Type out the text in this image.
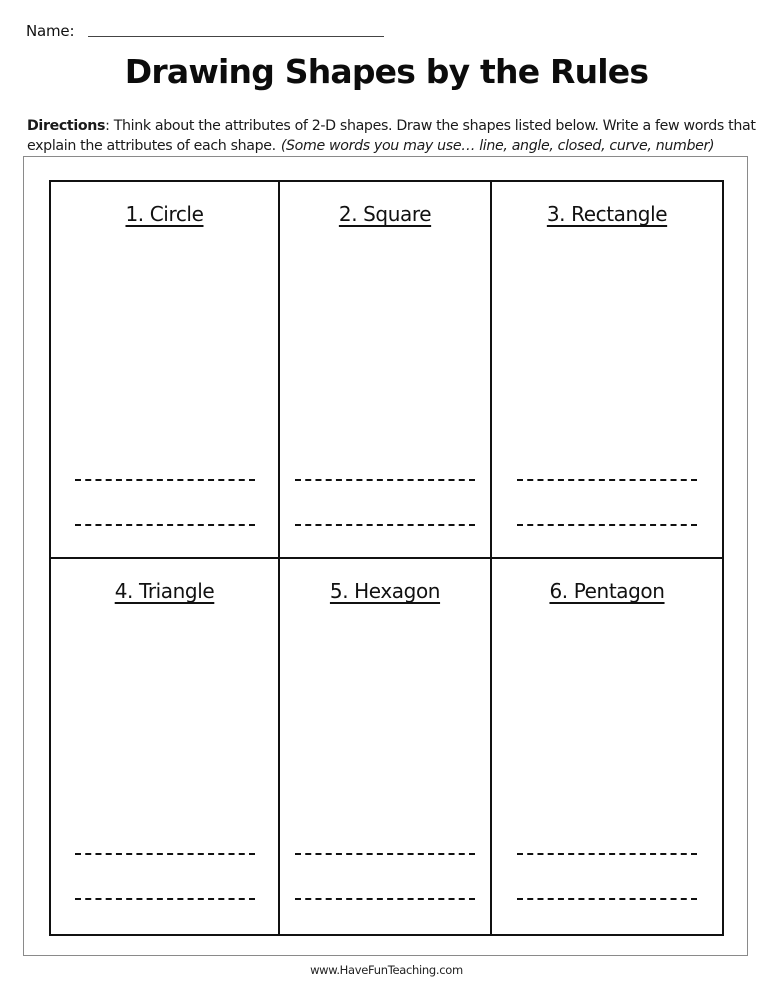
Name:
Drawing Shapes by the Rules
Directions: Think about the attributes of 2-D shapes. Draw the shapes listed below. Write a few words that explain the attributes of each shape. (Some words you may use… line, angle, closed, curve, number)
1. Circle	2. Square	3. Rectangle
4. Triangle	5. Hexagon	6. Pentagon
www.HaveFunTeaching.com
